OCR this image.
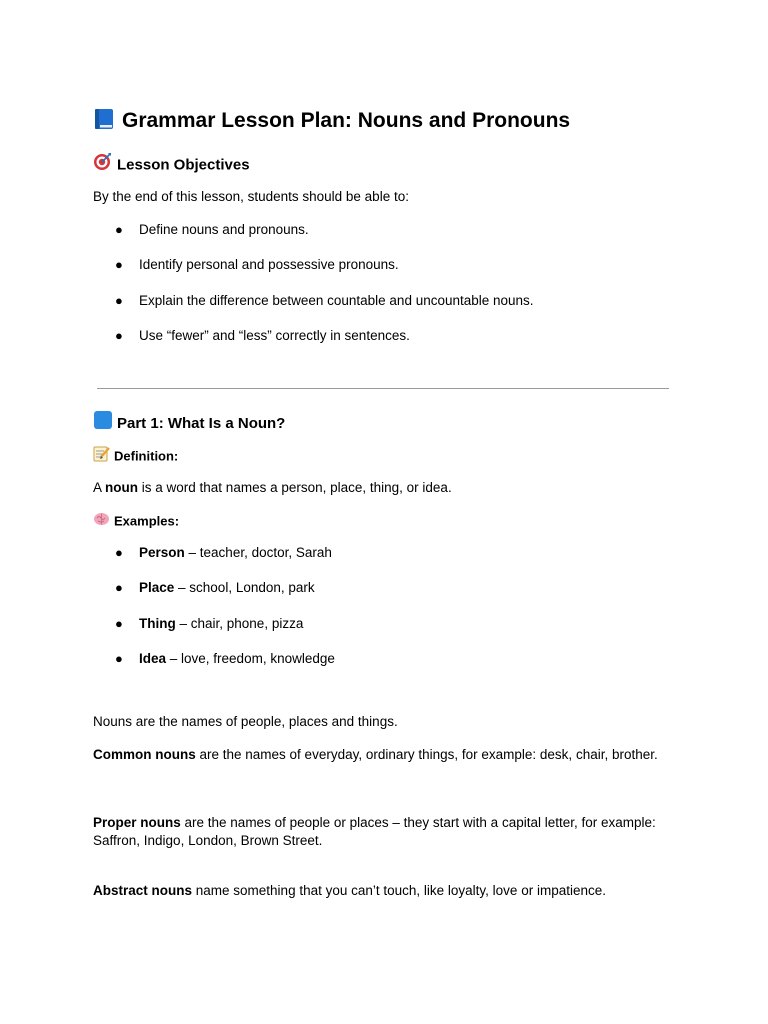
Grammar Lesson Plan: Nouns and Pronouns
Lesson Objectives
By the end of this lesson, students should be able to:
● Define nouns and pronouns.
● Identify personal and possessive pronouns.
● Explain the difference between countable and uncountable nouns.
● Use “fewer” and “less” correctly in sentences.
Part 1: What Is a Noun?
Definition:
A noun is a word that names a person, place, thing, or idea.
Examples:
● Person – teacher, doctor, Sarah
● Place – school, London, park
● Thing – chair, phone, pizza
● Idea – love, freedom, knowledge
Nouns are the names of people, places and things.
Common nouns are the names of everyday, ordinary things, for example: desk, chair, brother.
Proper nouns are the names of people or places – they start with a capital letter, for example: Saffron, Indigo, London, Brown Street.
Abstract nouns name something that you can’t touch, like loyalty, love or impatience.
